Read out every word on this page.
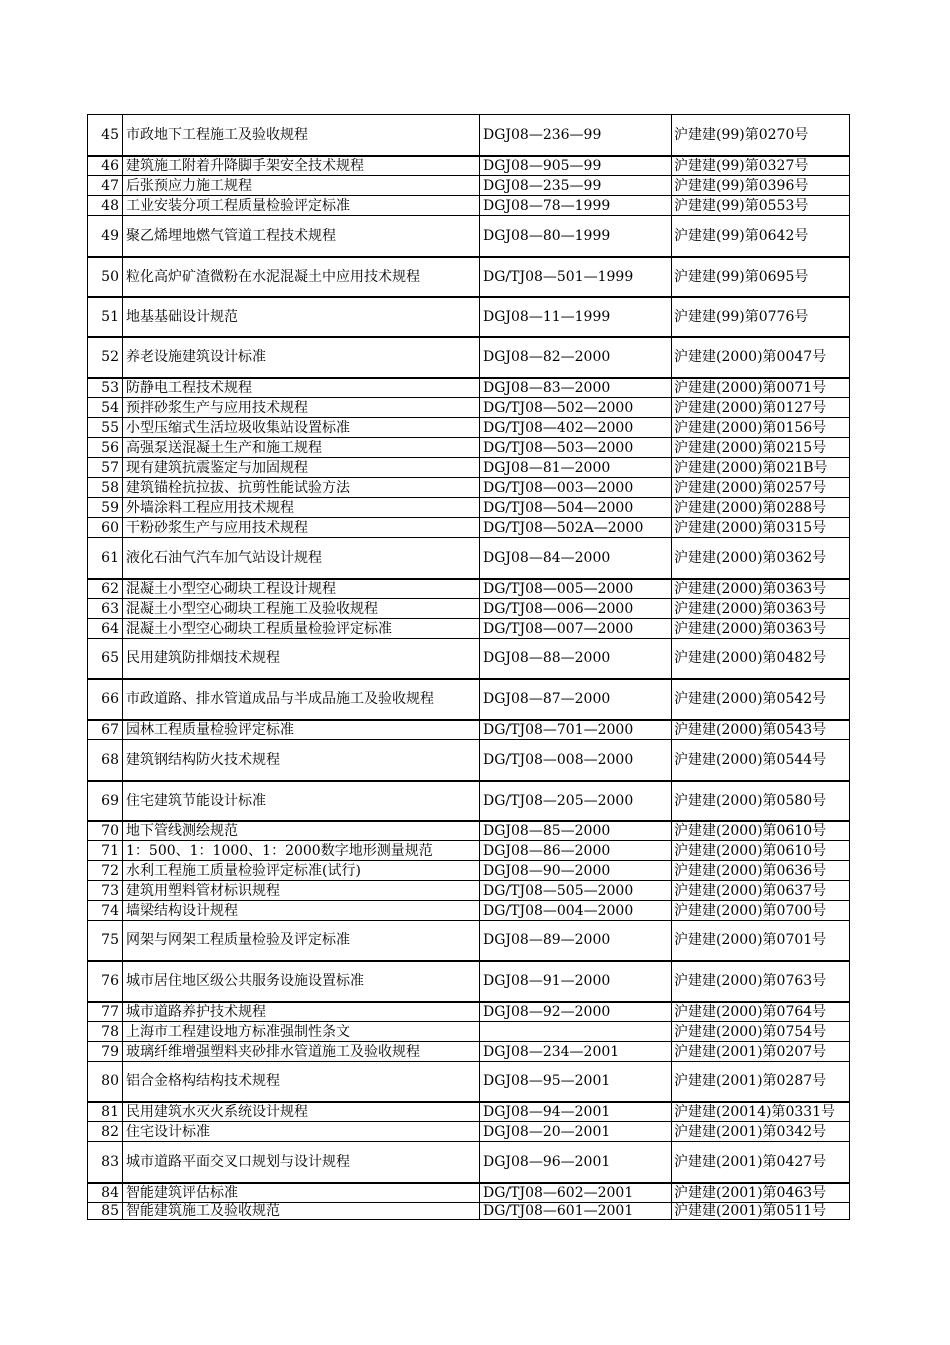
45	市政地下工程施工及验收规程	DGJ08—236—99	沪建建(99)第0270号
46	建筑施工附着升降脚手架安全技术规程	DGJ08—905—99	沪建建(99)第0327号
47	后张预应力施工规程	DGJ08—235—99	沪建建(99)第0396号
48	工业安装分项工程质量检验评定标准	DGJ08—78—1999	沪建建(99)第0553号
49	聚乙烯埋地燃气管道工程技术规程	DGJ08—80—1999	沪建建(99)第0642号
50	粒化高炉矿渣微粉在水泥混凝土中应用技术规程	DG/TJ08—501—1999	沪建建(99)第0695号
51	地基基础设计规范	DGJ08—11—1999	沪建建(99)第0776号
52	养老设施建筑设计标准	DGJ08—82—2000	沪建建(2000)第0047号
53	防静电工程技术规程	DGJ08—83—2000	沪建建(2000)第0071号
54	预拌砂浆生产与应用技术规程	DG/TJ08—502—2000	沪建建(2000)第0127号
55	小型压缩式生活垃圾收集站设置标准	DG/TJ08—402—2000	沪建建(2000)第0156号
56	高强泵送混凝土生产和施工规程	DG/TJ08—503—2000	沪建建(2000)第0215号
57	现有建筑抗震鉴定与加固规程	DGJ08—81—2000	沪建建(2000)第021B号
58	建筑锚栓抗拉拔、抗剪性能试验方法	DG/TJ08—003—2000	沪建建(2000)第0257号
59	外墙涂料工程应用技术规程	DG/TJ08—504—2000	沪建建(2000)第0288号
60	干粉砂浆生产与应用技术规程	DG/TJ08—502A—2000	沪建建(2000)第0315号
61	液化石油气汽车加气站设计规程	DGJ08—84—2000	沪建建(2000)第0362号
62	混凝土小型空心砌块工程设计规程	DG/TJ08—005—2000	沪建建(2000)第0363号
63	混凝土小型空心砌块工程施工及验收规程	DG/TJ08—006—2000	沪建建(2000)第0363号
64	混凝土小型空心砌块工程质量检验评定标准	DG/TJ08—007—2000	沪建建(2000)第0363号
65	民用建筑防排烟技术规程	DGJ08—88—2000	沪建建(2000)第0482号
66	市政道路、排水管道成品与半成品施工及验收规程	DGJ08—87—2000	沪建建(2000)第0542号
67	园林工程质量检验评定标准	DG/TJ08—701—2000	沪建建(2000)第0543号
68	建筑钢结构防火技术规程	DG/TJ08—008—2000	沪建建(2000)第0544号
69	住宅建筑节能设计标准	DG/TJ08—205—2000	沪建建(2000)第0580号
70	地下管线测绘规范	DGJ08—85—2000	沪建建(2000)第0610号
71	1：500、1：1000、1：2000数字地形测量规范	DGJ08—86—2000	沪建建(2000)第0610号
72	水利工程施工质量检验评定标准(试行)	DGJ08—90—2000	沪建建(2000)第0636号
73	建筑用塑料管材标识规程	DG/TJ08—505—2000	沪建建(2000)第0637号
74	墙梁结构设计规程	DG/TJ08—004—2000	沪建建(2000)第0700号
75	网架与网架工程质量检验及评定标准	DGJ08—89—2000	沪建建(2000)第0701号
76	城市居住地区级公共服务设施设置标准	DGJ08—91—2000	沪建建(2000)第0763号
77	城市道路养护技术规程	DGJ08—92—2000	沪建建(2000)第0764号
78	上海市工程建设地方标准强制性条文		沪建建(2000)第0754号
79	玻璃纤维增强塑料夹砂排水管道施工及验收规程	DGJ08—234—2001	沪建建(2001)第0207号
80	铝合金格构结构技术规程	DGJ08—95—2001	沪建建(2001)第0287号
81	民用建筑水灭火系统设计规程	DGJ08—94—2001	沪建建(20014)第0331号
82	住宅设计标准	DGJ08—20—2001	沪建建(2001)第0342号
83	城市道路平面交叉口规划与设计规程	DGJ08—96—2001	沪建建(2001)第0427号
84	智能建筑评估标准	DG/TJ08—602—2001	沪建建(2001)第0463号
85	智能建筑施工及验收规范	DG/TJ08—601—2001	沪建建(2001)第0511号
